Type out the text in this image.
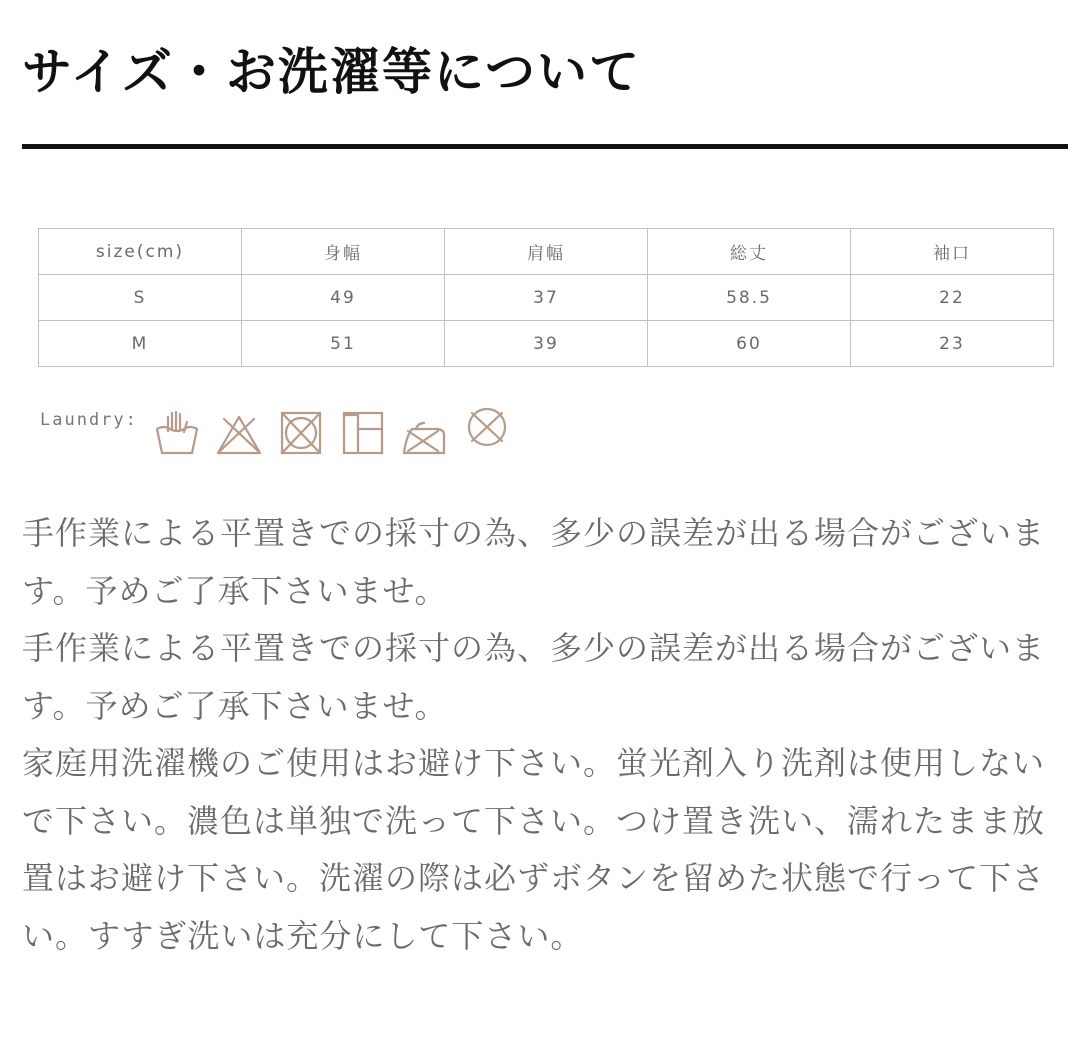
サイズ・お洗濯等について
size(cm)	身幅	肩幅	総丈	袖口
S	49	37	58.5	22
M	51	39	60	23
Laundry:

手作業による平置きでの採寸の為、多少の誤差が出る場合がございます。予めご了承下さいませ。

手作業による平置きでの採寸の為、多少の誤差が出る場合がございます。予めご了承下さいませ。

家庭用洗濯機のご使用はお避け下さい。蛍光剤入り洗剤は使用しないで下さい。濃色は単独で洗って下さい。つけ置き洗い、濡れたまま放置はお避け下さい。洗濯の際は必ずボタンを留めた状態で行って下さい。すすぎ洗いは充分にして下さい。
